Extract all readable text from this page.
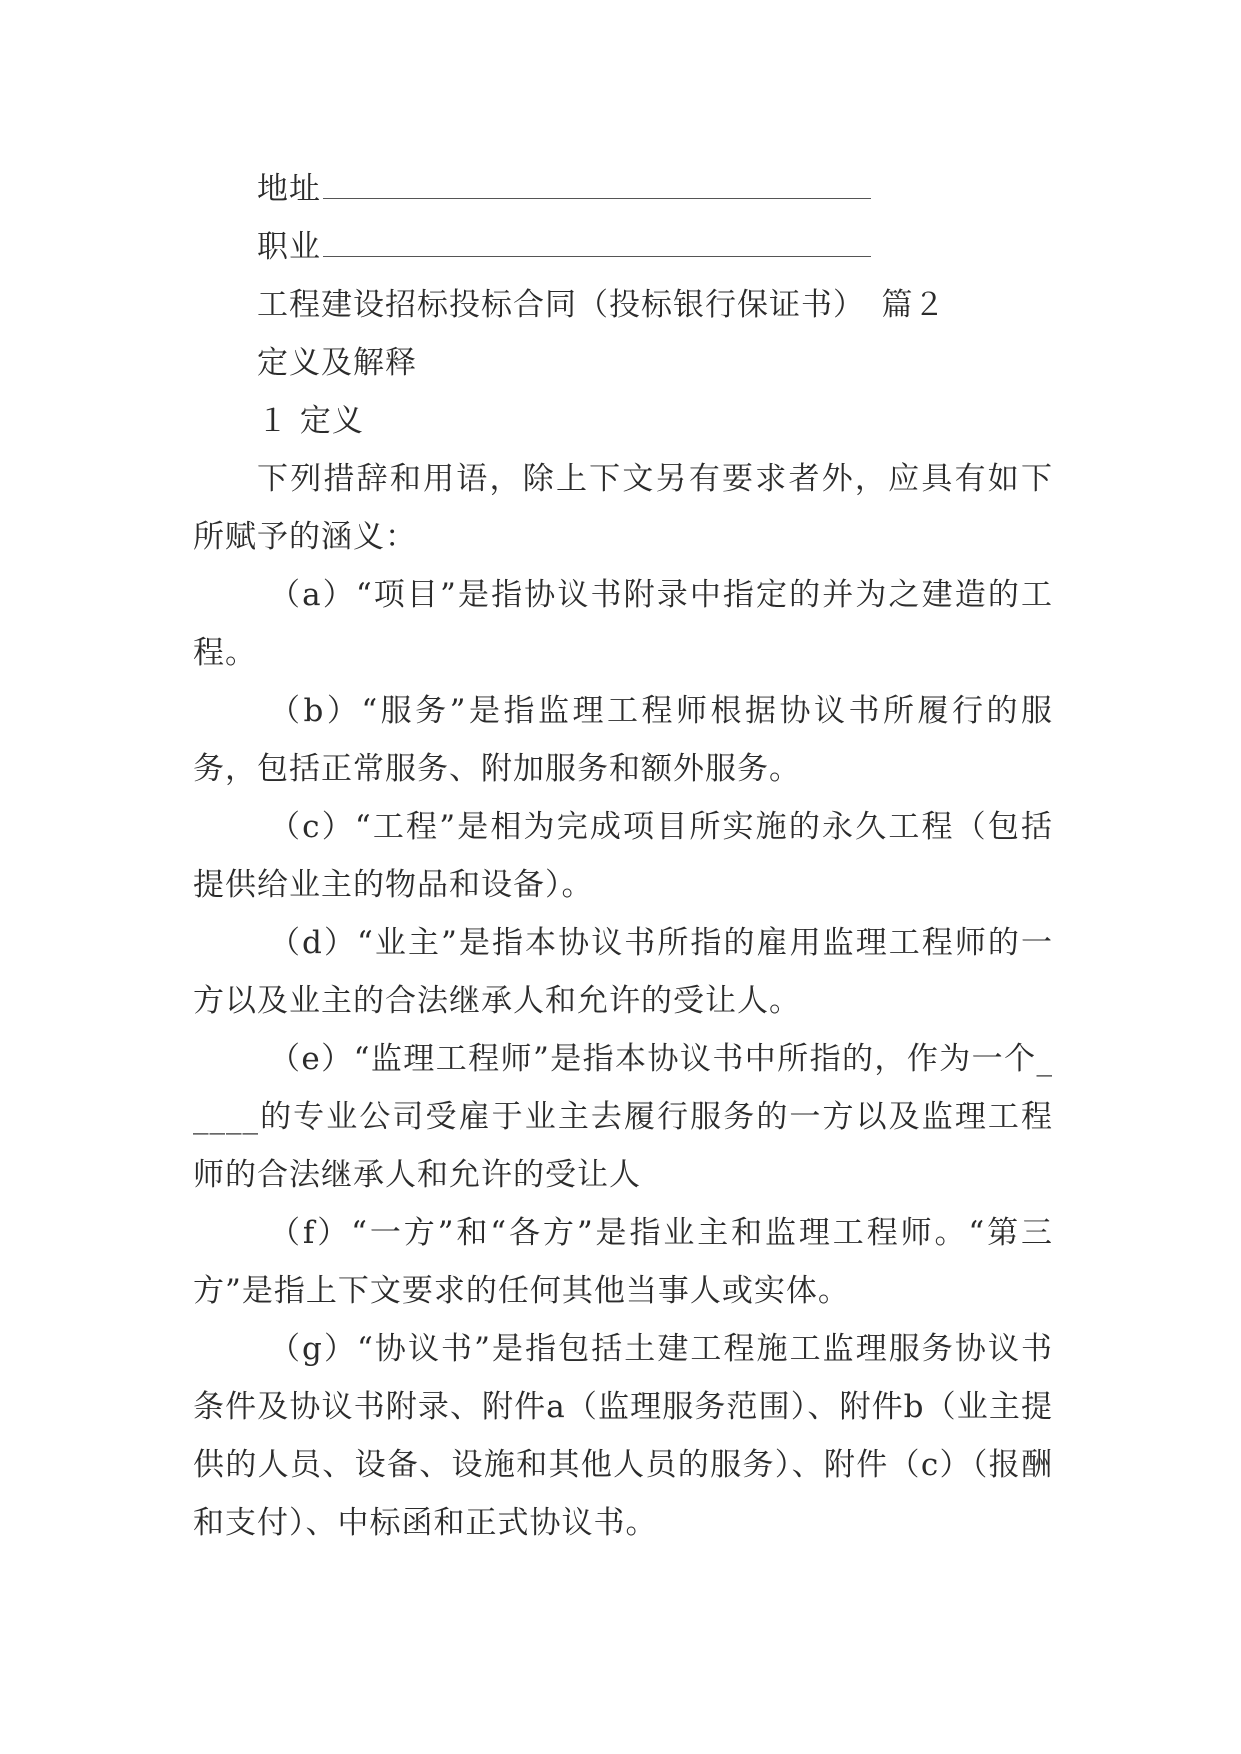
地址
职业
工程建设招标投标合同（投标银行保证书）　篇２
定义及解释
１ 定义
下列措辞和用语，除上下文另有要求者外，应具有如下所赋予的涵义：
（a）“项目”是指协议书附录中指定的并为之建造的工程。
（b）“服务”是指监理工程师根据协议书所履行的服务，包括正常服务、附加服务和额外服务。
（c）“工程”是相为完成项目所实施的永久工程（包括提供给业主的物品和设备）。
（d）“业主”是指本协议书所指的雇用监理工程师的一方以及业主的合法继承人和允许的受让人。
（e）“监理工程师”是指本协议书中所指的，作为一个_____的专业公司受雇于业主去履行服务的一方以及监理工程师的合法继承人和允许的受让人
（f）“一方”和“各方”是指业主和监理工程师。“第三方”是指上下文要求的任何其他当事人或实体。
（g）“协议书”是指包括土建工程施工监理服务协议书条件及协议书附录、附件a（监理服务范围）、附件b（业主提供的人员、设备、设施和其他人员的服务）、附件（c）（报酬和支付）、中标函和正式协议书。
